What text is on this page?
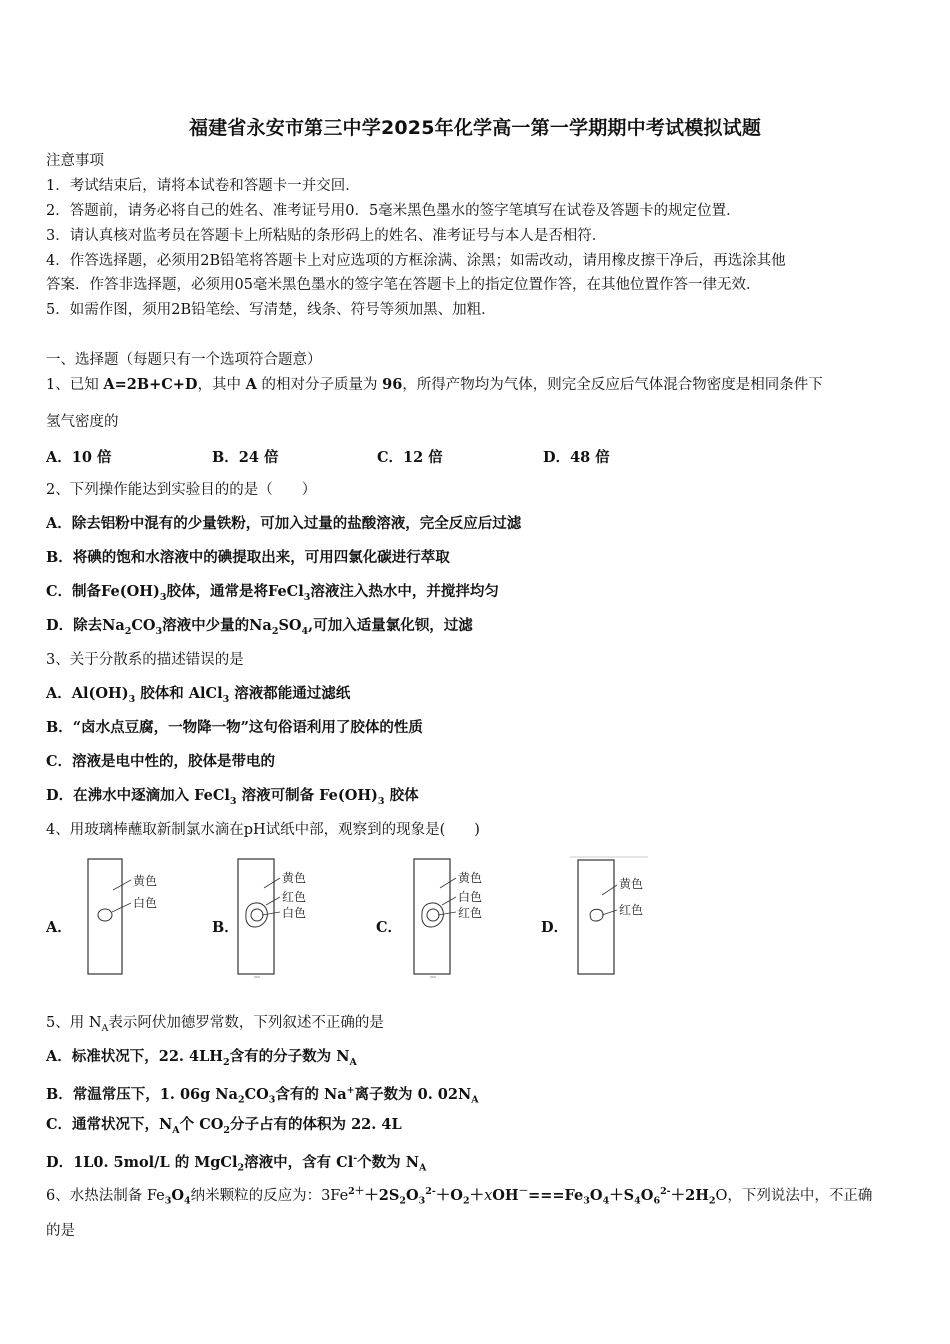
福建省永安市第三中学2025年化学高一第一学期期中考试模拟试题
注意事项
1．考试结束后，请将本试卷和答题卡一并交回．
2．答题前，请务必将自己的姓名、准考证号用0．5毫米黑色墨水的签字笔填写在试卷及答题卡的规定位置．
3．请认真核对监考员在答题卡上所粘贴的条形码上的姓名、准考证号与本人是否相符．
4．作答选择题，必须用2B铅笔将答题卡上对应选项的方框涂满、涂黑；如需改动，请用橡皮擦干净后，再选涂其他
答案．作答非选择题，必须用05毫米黑色墨水的签字笔在答题卡上的指定位置作答，在其他位置作答一律无效．
5．如需作图，须用2B铅笔绘、写清楚，线条、符号等须加黑、加粗．
一、选择题（每题只有一个选项符合题意）
1、已知 A=2B+C+D，其中 A 的相对分子质量为 96，所得产物均为气体，则完全反应后气体混合物密度是相同条件下
氢气密度的
A．10 倍	B．24 倍	C．12 倍	D．48 倍
2、下列操作能达到实验目的的是（　　）
A．除去铝粉中混有的少量铁粉，可加入过量的盐酸溶液，完全反应后过滤
B．将碘的饱和水溶液中的碘提取出来，可用四氯化碳进行萃取
C．制备$Fe(OH)_3$胶体，通常是将FeCl$_3$溶液注入热水中，并搅拌均匀
D．除去$Na_2CO_3$溶液中少量的$Na_2SO_4$,可加入适量氯化钡，过滤
3、关于分散系的描述错误的是
A．$Al(OH)_3$ 胶体和 AlCl$_3$ 溶液都能通过滤纸
B．“卤水点豆腐，一物降一物”这句俗语利用了胶体的性质
C．溶液是电中性的，胶体是带电的
D．在沸水中逐滴加入 FeCl$_3$ 溶液可制备 $Fe(OH)_3$ 胶体
4、用玻璃棒蘸取新制氯水滴在pH试纸中部，观察到的现象是(　　)
A．
黄色
白色
B．
黄色
红色
白色
C．
黄色
白色
红色
D．
黄色
红色
5、用 $N_A$表示阿伏加德罗常数，下列叙述不正确的是
A．标准状况下，22. $4LH_2$含有的分子数为 $N_A$
B．常温常压下，1. 06g $Na_2CO_3$含有的 Na+离子数为 0. $02N_A$
C．通常状况下，$N_A$个 $CO_2$分子占有的体积为 22. 4L
D．1L0. 5mol/L 的 MgCl$_2$溶液中，含有 Cl-个数为 $N_A$
6、水热法制备 $Fe_3O_4$纳米颗粒的反应为：$3Fe^{2+}+2S_2O_3^{2-}+O_2+xOH^-===Fe_3O_4+S_4O_6^{2-}+2H_2O$，下列说法中，不正确
的是
